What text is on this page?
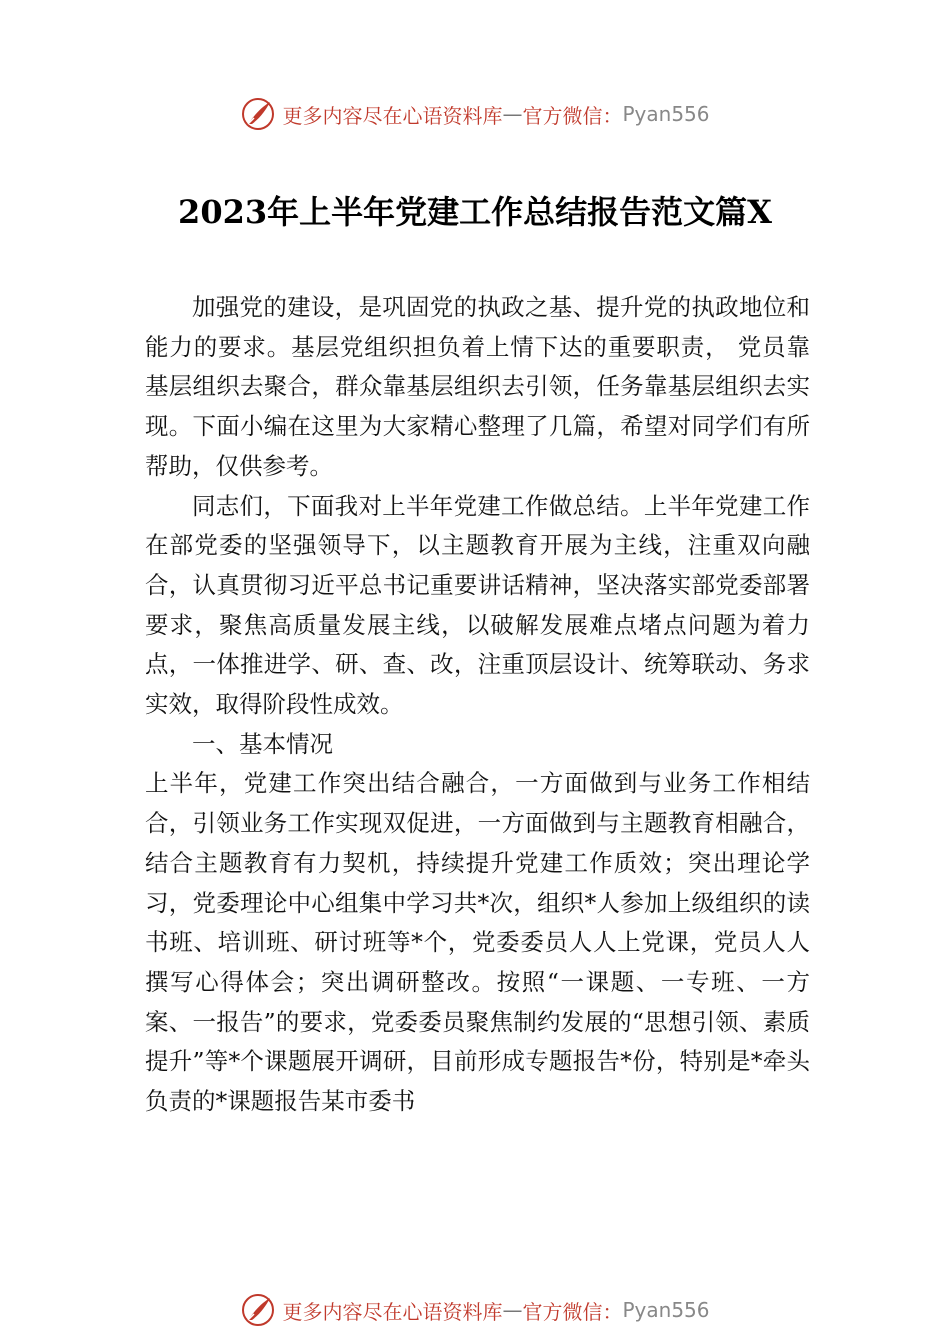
更多内容尽在心语资料库 — 官方微信： Pyan556
2023年上半年党建工作总结报告范文篇X

加强党的建设，是巩固党的执政之基、提升党的执政地位和能力的要求。基层党组织担负着上情下达的重要职责， 党员靠基层组织去聚合，群众靠基层组织去引领，任务靠基层组织去实现。下面小编在这里为大家精心整理了几篇，希望对同学们有所帮助，仅供参考。

同志们，下面我对上半年党建工作做总结。上半年党建工作在部党委的坚强领导下，以主题教育开展为主线，注重双向融合，认真贯彻习近平总书记重要讲话精神，坚决落实部党委部署要求，聚焦高质量发展主线，以破解发展难点堵点问题为着力点，一体推进学、研、查、改，注重顶层设计、统筹联动、务求实效，取得阶段性成效。

一、基本情况

上半年，党建工作突出结合融合，一方面做到与业务工作相结合，引领业务工作实现双促进，一方面做到与主题教育相融合，结合主题教育有力契机，持续提升党建工作质效；突出理论学习，党委理论中心组集中学习共*次，组织*人参加上级组织的读书班、培训班、研讨班等*个，党委委员人人上党课，党员人人撰写心得体会；突出调研整改。按照“一课题、一专班、一方案、一报告”的要求，党委委员聚焦制约发展的“思想引领、素质提升”等*个课题展开调研，目前形成专题报告*份，特别是*牵头负责的*课题报告某市委书

更多内容尽在心语资料库 — 官方微信： Pyan556
